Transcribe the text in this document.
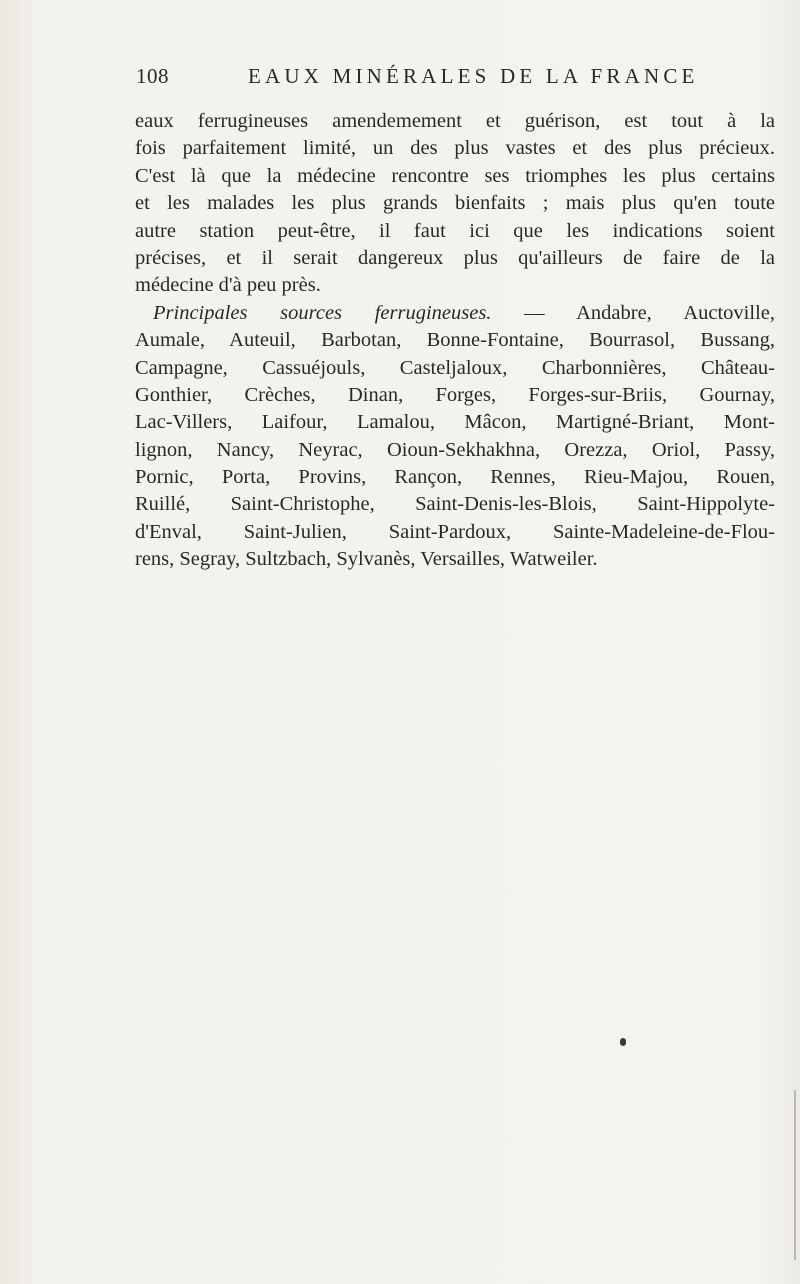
108	EAUX MINÉRALES DE LA FRANCE
eaux ferrugineuses amendemement et guérison, est tout à la
fois parfaitement limité, un des plus vastes et des plus précieux.
C'est là que la médecine rencontre ses triomphes les plus certains
et les malades les plus grands bienfaits ; mais plus qu'en toute
autre station peut-être, il faut ici que les indications soient
précises, et il serait dangereux plus qu'ailleurs de faire de la
médecine d'à peu près.
Principales sources ferrugineuses. — Andabre, Auctoville,
Aumale, Auteuil, Barbotan, Bonne-Fontaine, Bourrasol, Bussang,
Campagne, Cassuéjouls, Casteljaloux, Charbonnières, Château-
Gonthier, Crèches, Dinan, Forges, Forges-sur-Briis, Gournay,
Lac-Villers, Laifour, Lamalou, Mâcon, Martigné-Briant, Mont-
lignon, Nancy, Neyrac, Oioun-Sekhakhna, Orezza, Oriol, Passy,
Pornic, Porta, Provins, Rançon, Rennes, Rieu-Majou, Rouen,
Ruillé, Saint-Christophe, Saint-Denis-les-Blois, Saint-Hippolyte-
d'Enval, Saint-Julien, Saint-Pardoux, Sainte-Madeleine-de-Flou-
rens, Segray, Sultzbach, Sylvanès, Versailles, Watweiler.
